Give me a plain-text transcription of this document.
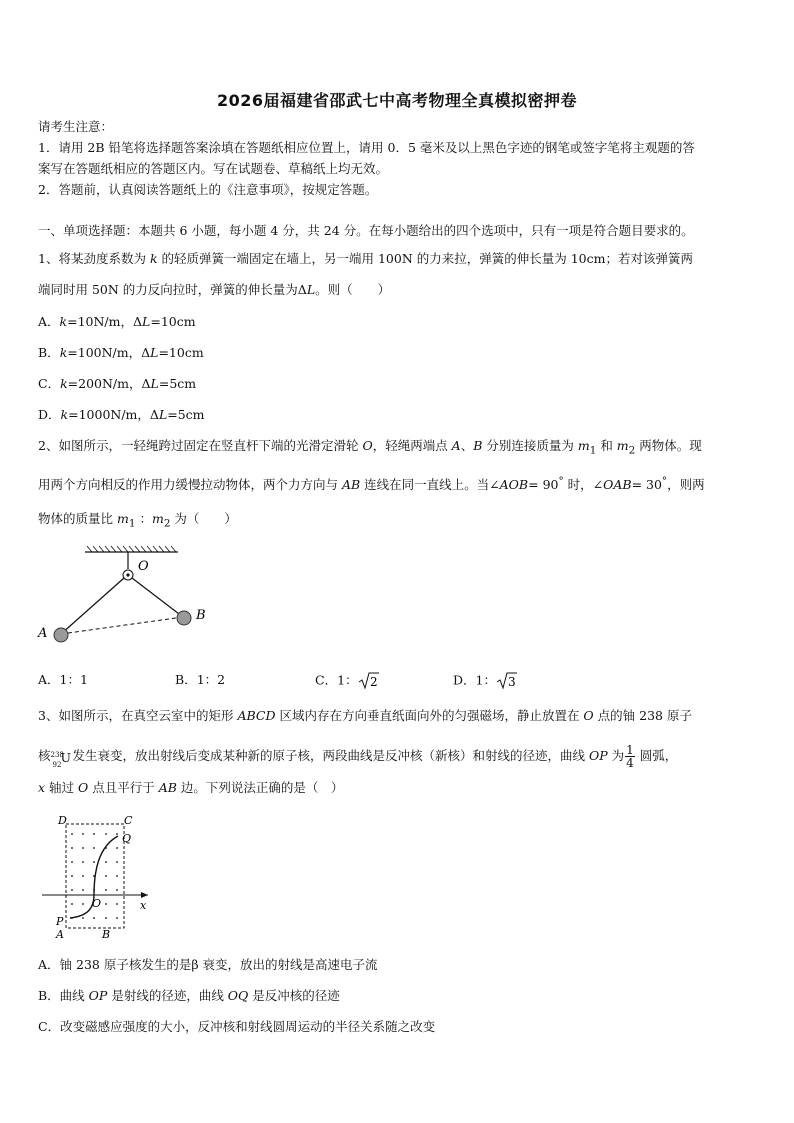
2026届福建省邵武七中高考物理全真模拟密押卷
请考生注意：
1．请用 2B 铅笔将选择题答案涂填在答题纸相应位置上，请用 0．5 毫米及以上黑色字迹的钢笔或签字笔将主观题的答
案写在答题纸相应的答题区内。写在试题卷、草稿纸上均无效。
2．答题前，认真阅读答题纸上的《注意事项》，按规定答题。
一、单项选择题：本题共 6 小题，每小题 4 分，共 24 分。在每小题给出的四个选项中，只有一项是符合题目要求的。
1、将某劲度系数为 k 的轻质弹簧一端固定在墙上，另一端用 100N 的力来拉，弹簧的伸长量为 10cm；若对该弹簧两
端同时用 50N 的力反向拉时，弹簧的伸长量为ΔL。则（　　）
A．k=10N/m，ΔL=10cm
B．k=100N/m，ΔL=10cm
C．k=200N/m，ΔL=5cm
D．k=1000N/m，ΔL=5cm
2、如图所示，一轻绳跨过固定在竖直杆下端的光滑定滑轮 O，轻绳两端点 A、B 分别连接质量为 $m_1$ 和 $m_2$ 两物体。现
用两个方向相反的作用力缓慢拉动物体，两个力方向与 AB 连线在同一直线上。当∠AOB= 90° 时，∠OAB= 30°，则两
物体的质量比 $m_1$ ：$m_2$ 为（　　）
O
A
B
A．1：1	B．1：2	C．1： 2	D．1： 3
3、如图所示，在真空云室中的矩形 ABCD 区域内存在方向垂直纸面向外的匀强磁场，静止放置在 O 点的铀 238 原子
核 238
92 U
发生衰变，放出射线后变成某种新的原子核，两段曲线是反冲核（新核）和射线的径迹，曲线 OP 为 $\frac{1}{4}$ 圆弧，
x 轴过 O 点且平行于 AB 边。下列说法正确的是（　）
D	C
Q
O
P
A	B
x
A．铀 238 原子核发生的是β 衰变，放出的射线是高速电子流
B．曲线 OP 是射线的径迹，曲线 OQ 是反冲核的径迹
C．改变磁感应强度的大小，反冲核和射线圆周运动的半径关系随之改变
